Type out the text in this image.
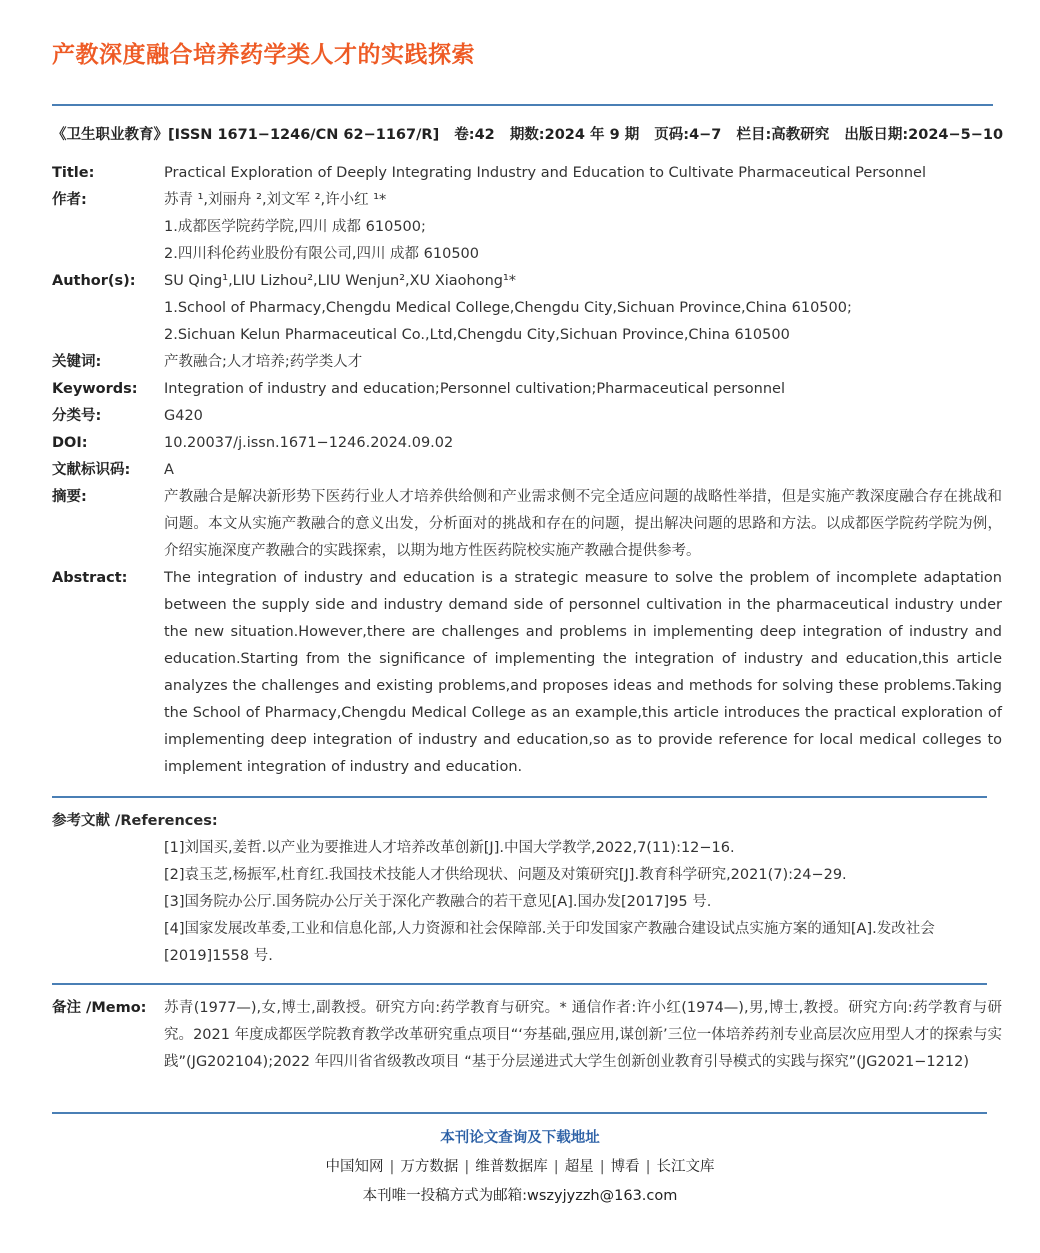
产教深度融合培养药学类人才的实践探索
《卫生职业教育》[ISSN 1671−1246/CN 62−1167/R] 卷:42 期数:2024 年 9 期 页码:4−7 栏目:高教研究 出版日期:2024−5−10
Title:	Practical Exploration of Deeply Integrating Industry and Education to Cultivate Pharmaceutical Personnel
作者:	苏青 ¹,刘丽舟 ²,刘文军 ²,许小红 ¹*

1.成都医学院药学院,四川 成都 610500;

2.四川科伦药业股份有限公司,四川 成都 610500

Author(s):	SU Qing¹,LIU Lizhou²,LIU Wenjun²,XU Xiaohong¹*

1.School of Pharmacy,Chengdu Medical College,Chengdu City,Sichuan Province,China 610500;

2.Sichuan Kelun Pharmaceutical Co.,Ltd,Chengdu City,Sichuan Province,China 610500

关键词:	产教融合;人才培养;药学类人才
Keywords:	Integration of industry and education;Personnel cultivation;Pharmaceutical personnel
分类号:	G420
DOI:	10.20037/j.issn.1671−1246.2024.09.02
文献标识码:	A
摘要:	产教融合是解决新形势下医药行业人才培养供给侧和产业需求侧不完全适应问题的战略性举措，但是实施产教深度融合存在挑战和问题。本文从实施产教融合的意义出发，分析面对的挑战和存在的问题，提出解决问题的思路和方法。以成都医学院药学院为例，介绍实施深度产教融合的实践探索，以期为地方性医药院校实施产教融合提供参考。
Abstract:	The integration of industry and education is a strategic measure to solve the problem of incomplete adaptation between the supply side and industry demand side of personnel cultivation in the pharmaceutical industry under the new situation.However,there are challenges and problems in implementing deep integration of industry and education.Starting from the significance of implementing the integration of industry and education,this article analyzes the challenges and existing problems,and proposes ideas and methods for solving these problems.Taking the School of Pharmacy,Chengdu Medical College as an example,this article introduces the practical exploration of implementing deep integration of industry and education,so as to provide reference for local medical colleges to implement integration of industry and education.
参考文献 /References:
[1]刘国买,姜哲.以产业为要推进人才培养改革创新[J].中国大学教学,2022,7(11):12−16.
[2]袁玉芝,杨振军,杜育红.我国技术技能人才供给现状、问题及对策研究[J].教育科学研究,2021(7):24−29.
[3]国务院办公厅.国务院办公厅关于深化产教融合的若干意见[A].国办发[2017]95 号.
[4]国家发展改革委,工业和信息化部,人力资源和社会保障部.关于印发国家产教融合建设试点实施方案的通知[A].发改社会[2019]1558 号.
备注 /Memo:	苏青(1977—),女,博士,副教授。研究方向:药学教育与研究。* 通信作者:许小红(1974—),男,博士,教授。研究方向:药学教育与研究。2021 年度成都医学院教育教学改革研究重点项目“‘夯基础,强应用,谋创新’三位一体培养药剂专业高层次应用型人才的探索与实践”(JG202104);2022 年四川省省级教改项目 “基于分层递进式大学生创新创业教育引导模式的实践与探究”(JG2021−1212)
本刊论文查询及下载地址
中国知网 | 万方数据 | 维普数据库 | 超星 | 博看 | 长江文库
本刊唯一投稿方式为邮箱:wszyjyzzh@163.com
